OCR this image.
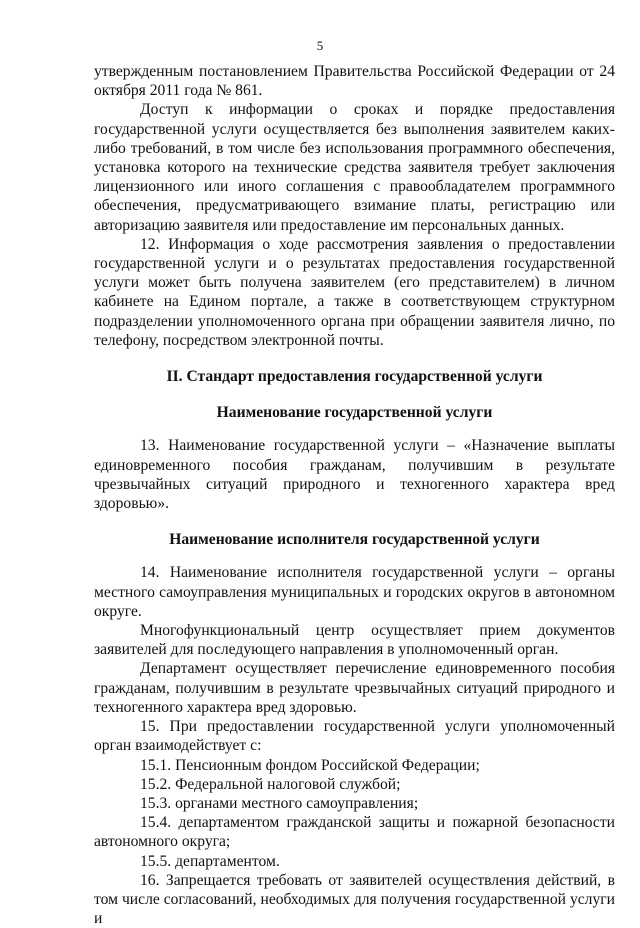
5

утвержденным постановлением Правительства Российской Федерации от 24 октября 2011 года № 861.

Доступ к информации о сроках и порядке предоставления государственной услуги осуществляется без выполнения заявителем каких-либо требований, в том числе без использования программного обеспечения, установка которого на технические средства заявителя требует заключения лицензионного или иного соглашения с правообладателем программного обеспечения, предусматривающего взимание платы, регистрацию или авторизацию заявителя или предоставление им персональных данных.

12. Информация о ходе рассмотрения заявления о предоставлении государственной услуги и о результатах предоставления государственной услуги может быть получена заявителем (его представителем) в личном кабинете на Едином портале, а также в соответствующем структурном подразделении уполномоченного органа при обращении заявителя лично, по телефону, посредством электронной почты.

II. Стандарт предоставления государственной услуги
Наименование государственной услуги

13. Наименование государственной услуги – «Назначение выплаты единовременного пособия гражданам, получившим в результате чрезвычайных ситуаций природного и техногенного характера вред здоровью».

Наименование исполнителя государственной услуги

14. Наименование исполнителя государственной услуги – органы местного самоуправления муниципальных и городских округов в автономном округе.

Многофункциональный центр осуществляет прием документов заявителей для последующего направления в уполномоченный орган.

Департамент осуществляет перечисление единовременного пособия гражданам, получившим в результате чрезвычайных ситуаций природного и техногенного характера вред здоровью.

15. При предоставлении государственной услуги уполномоченный орган взаимодействует с:

15.1. Пенсионным фондом Российской Федерации;

15.2. Федеральной налоговой службой;

15.3. органами местного самоуправления;

15.4. департаментом гражданской защиты и пожарной безопасности автономного округа;

15.5. департаментом.

16. Запрещается требовать от заявителей осуществления действий, в том числе согласований, необходимых для получения государственной услуги и
